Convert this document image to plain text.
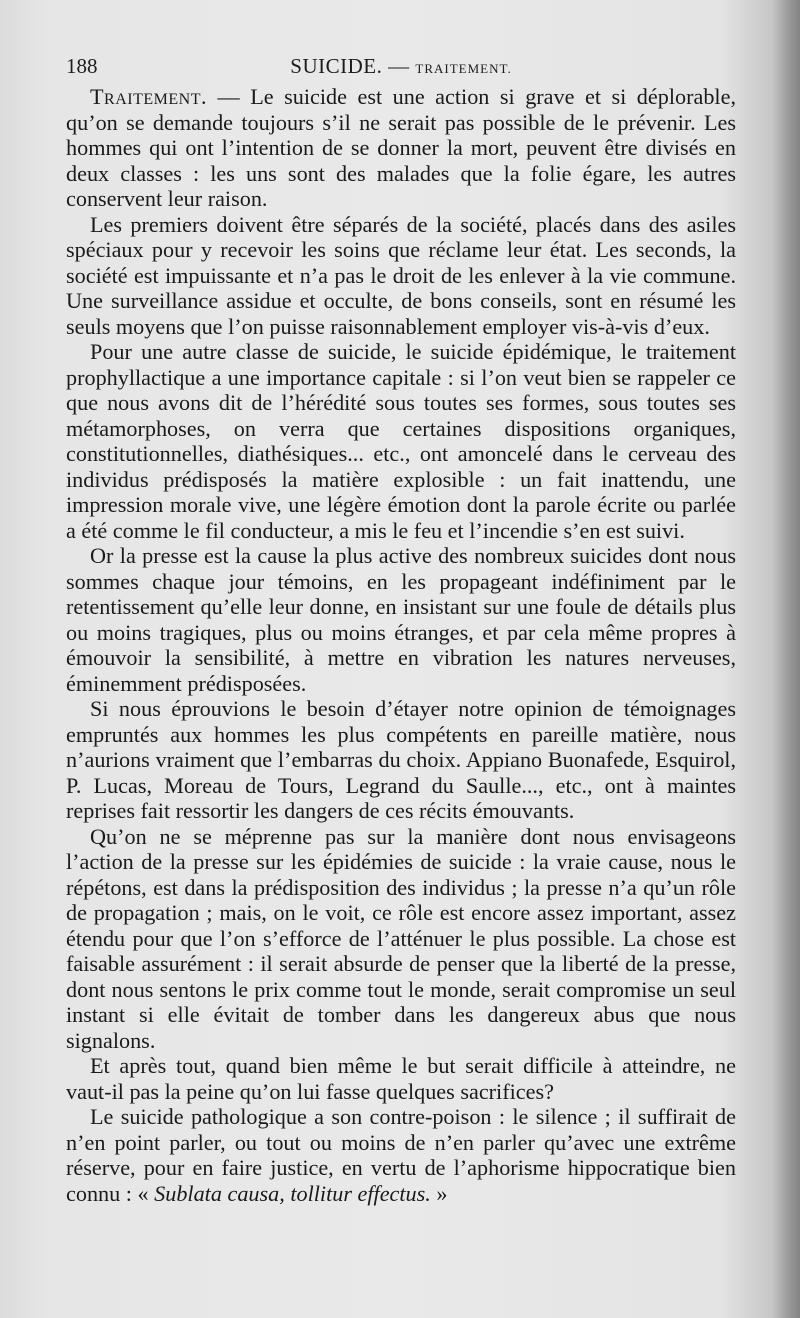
188	SUICIDE. — TRAITEMENT.

Traitement. — Le suicide est une action si grave et si déplorable, qu’on se demande toujours s’il ne serait pas possible de le prévenir. Les hommes qui ont l’intention de se donner la mort, peuvent être divisés en deux classes : les uns sont des malades que la folie égare, les autres conservent leur raison.

Les premiers doivent être séparés de la société, placés dans des asiles spéciaux pour y recevoir les soins que réclame leur état. Les seconds, la société est impuissante et n’a pas le droit de les enlever à la vie commune. Une surveillance assidue et occulte, de bons conseils, sont en résumé les seuls moyens que l’on puisse raisonnablement employer vis-à-vis d’eux.

Pour une autre classe de suicide, le suicide épidémique, le traitement prophyllactique a une importance capitale : si l’on veut bien se rappeler ce que nous avons dit de l’hérédité sous toutes ses formes, sous toutes ses métamorphoses, on verra que certaines dispositions organiques, constitutionnelles, diathésiques... etc., ont amoncelé dans le cerveau des individus prédisposés la matière explosible : un fait inattendu, une impression morale vive, une légère émotion dont la parole écrite ou parlée a été comme le fil conducteur, a mis le feu et l’incendie s’en est suivi.

Or la presse est la cause la plus active des nombreux suicides dont nous sommes chaque jour témoins, en les propageant indéfiniment par le retentissement qu’elle leur donne, en insistant sur une foule de détails plus ou moins tragiques, plus ou moins étranges, et par cela même propres à émouvoir la sensibilité, à mettre en vibration les natures nerveuses, éminemment prédisposées.

Si nous éprouvions le besoin d’étayer notre opinion de témoignages empruntés aux hommes les plus compétents en pareille matière, nous n’aurions vraiment que l’embarras du choix. Appiano Buonafede, Esquirol, P. Lucas, Moreau de Tours, Legrand du Saulle..., etc., ont à maintes reprises fait ressortir les dangers de ces récits émouvants.

Qu’on ne se méprenne pas sur la manière dont nous envisageons l’action de la presse sur les épidémies de suicide : la vraie cause, nous le répétons, est dans la prédisposition des individus ; la presse n’a qu’un rôle de propagation ; mais, on le voit, ce rôle est encore assez important, assez étendu pour que l’on s’efforce de l’atténuer le plus possible. La chose est faisable assurément : il serait absurde de penser que la liberté de la presse, dont nous sentons le prix comme tout le monde, serait compromise un seul instant si elle évitait de tomber dans les dangereux abus que nous signalons.

Et après tout, quand bien même le but serait difficile à atteindre, ne vaut-il pas la peine qu’on lui fasse quelques sacrifices?

Le suicide pathologique a son contre-poison : le silence ; il suffirait de n’en point parler, ou tout ou moins de n’en parler qu’avec une extrême réserve, pour en faire justice, en vertu de l’aphorisme hippocratique bien connu : « Sublata causa, tollitur effectus. »
